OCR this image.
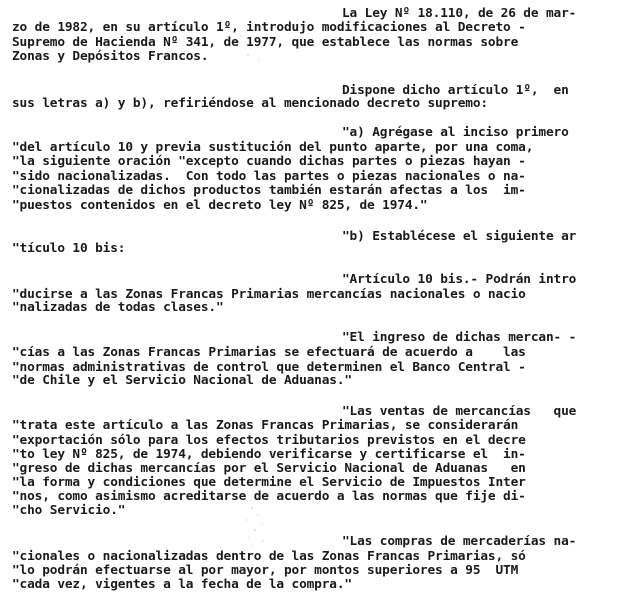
La Ley Nº 18.110, de 26 de mar-
zo de 1982, en su artículo 1º, introdujo modificaciones al Decreto -
Supremo de Hacienda Nº 341, de 1977, que establece las normas sobre
Zonas y Depósitos Francos.
Dispone dicho artículo 1º,  en
sus letras a) y b), refiriéndose al mencionado decreto supremo:
"a) Agrégase al inciso primero
"del artículo 10 y previa sustitución del punto aparte, por una coma,
"la siguiente oración "excepto cuando dichas partes o piezas hayan -
"sido nacionalizadas.  Con todo las partes o piezas nacionales o na-
"cionalizadas de dichos productos también estarán afectas a los  im-
"puestos contenidos en el decreto ley Nº 825, de 1974."
"b) Establécese el siguiente ar
"tículo 10 bis:
"Artículo 10 bis.- Podrán intro
"ducirse a las Zonas Francas Primarias mercancías nacionales o nacio
"nalizadas de todas clases."
"El ingreso de dichas mercan- -
"cías a las Zonas Francas Primarias se efectuará de acuerdo a    las
"normas administrativas de control que determinen el Banco Central -
"de Chile y el Servicio Nacional de Aduanas."
"Las ventas de mercancías   que
"trata este artículo a las Zonas Francas Primarias, se considerarán
"exportación sólo para los efectos tributarios previstos en el decre
"to ley Nº 825, de 1974, debiendo verificarse y certificarse el  in-
"greso de dichas mercancías por el Servicio Nacional de Aduanas   en
"la forma y condiciones que determine el Servicio de Impuestos Inter
"nos, como asimismo acreditarse de acuerdo a las normas que fije di-
"cho Servicio."
"Las compras de mercaderías na-
"cionales o nacionalizadas dentro de las Zonas Francas Primarias, só
"lo podrán efectuarse al por mayor, por montos superiores a 95  UTM
"cada vez, vigentes a la fecha de la compra."
